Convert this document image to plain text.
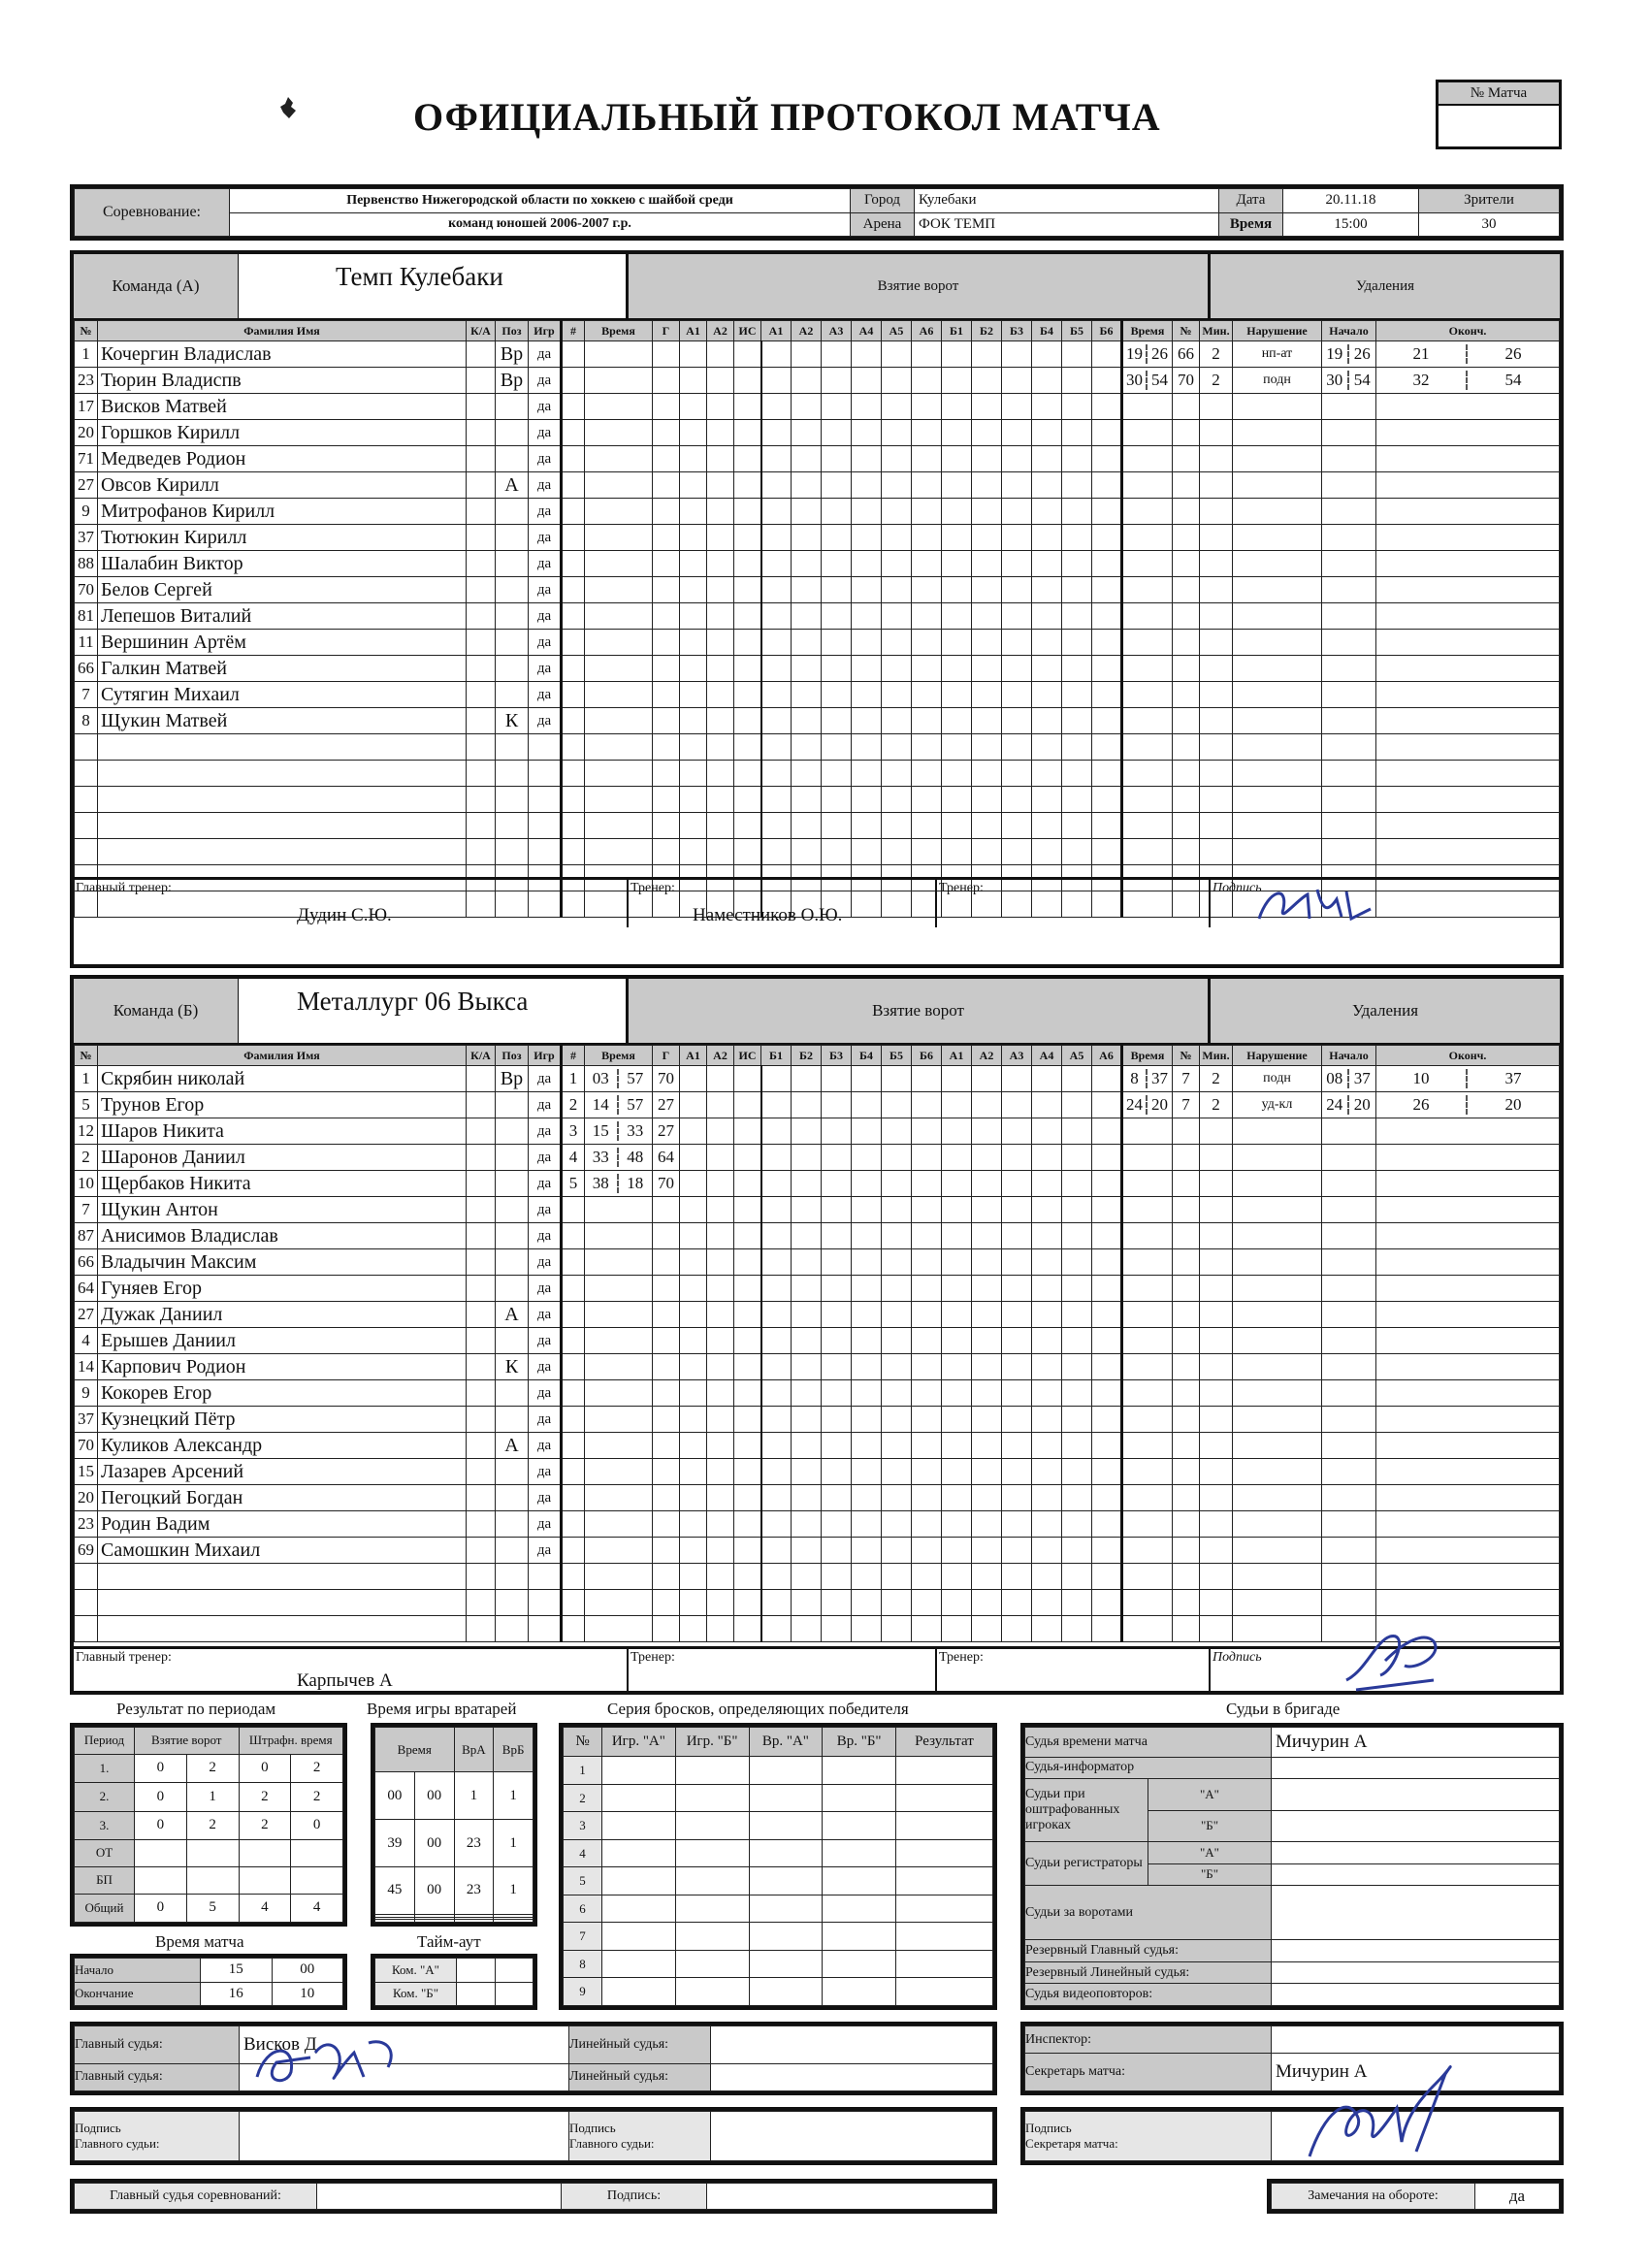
ОФИЦИАЛЬНЫЙ ПРОТОКОЛ МАТЧА
№ Матча
Соревнование:	Первенство Нижегородской области по хоккею с шайбой среди	Город	Кулебаки	Дата	20.11.18	Зрители
	команд юношей 2006-2007 г.р.	Арена	ФОК ТЕМП	Время	15:00	30
Команда (А)	Темп Кулебаки	Взятие ворот	Удаления
№	Фамилия Имя	К/А	Поз	Игр	#	Время	Г	А1	А2	ИС	А1	А2	А3	А4	А5	А6	Б1	Б2	Б3	Б4	Б5	Б6	Время	№	Мин.	Нарушение	Начало	Оконч.
1	Кочергин Владислав		Вр	да																			19 26	66	2	нп-ат	19 26	21 26
23	Тюрин Владиспв		Вр	да																			30 54	70	2	подн	30 54	32 54
17	Висков Матвей			да																								
20	Горшков Кирилл			да																								
71	Медведев Родион			да																								
27	Овсов Кирилл		А	да																								
9	Митрофанов Кирилл			да																								
37	Тютюкин Кирилл			да																								
88	Шалабин Виктор			да																								
70	Белов Сергей			да																								
81	Лепешов Виталий			да																								
11	Вершинин Артём			да																								
66	Галкин Матвей			да																								
7	Сутягин Михаил			да																								
8	Щукин Матвей		К	да																								

Главный тренер:
Дудин С.Ю.
Тренер:
Наместников О.Ю.
Тренер:	Подпись
Команда (Б)	Металлург 06 Выкса	Взятие ворот	Удаления
№	Фамилия Имя	К/А	Поз	Игр	#	Время	Г	А1	А2	ИС	Б1	Б2	Б3	Б4	Б5	Б6	А1	А2	А3	А4	А5	А6	Время	№	Мин.	Нарушение	Начало	Оконч.
1	Скрябин николай		Вр	да	1	03 57	70																8 37	7	2	подн	08 37	10 37
5	Трунов Егор			да	2	14 57	27																24 20	7	2	уд-кл	24 20	26 20
12	Шаров Никита			да	3	15 33	27																					
2	Шаронов Даниил			да	4	33 48	64																					
10	Щербаков Никита			да	5	38 18	70																					
7	Щукин Антон			да																								
87	Анисимов Владислав			да																								
66	Владычин Максим			да																								
64	Гуняев Егор			да																								
27	Дужак Даниил		А	да																								
4	Ерышев Даниил			да																								
14	Карпович Родион		К	да																								
9	Кокорев Егор			да																								
37	Кузнецкий Пётр			да																								
70	Куликов Александр		А	да																								
15	Лазарев Арсений			да																								
20	Пегоцкий Богдан			да																								
23	Родин Вадим			да																								
69	Самошкин Михаил			да																								

Главный тренер:
Карпычев А
Тренер:	Тренер:	Подпись
Результат по периодам
Период	Взятие ворот		Штрафн. время	
1.	0	2	0	2
2.	0	1	2	2
3.	0	2	2	0
ОТ				
БП				
Общий	0	5	4	4
Время игры вратарей
Время		ВрА	ВрБ
00	00	1	1
39	00	23	1
45	00	23	1

Время матча
Начало	15	00
Окончание	16	10
Тайм-аут
Ком. "А"		
Ком. "Б"		
Серия бросков, определяющих победителя
№	Игр. "А"	Игр. "Б"	Вр. "А"	Вр. "Б"	Результат
1					
2					
3					
4					
5					
6					
7					
8					
9					
Судьи в бригаде
Судья времени матча		Мичурин А
Судья-информатор		
Судьи при оштрафованных игроках	"А"	
	"Б"	
Судьи регистраторы	"А"	
	"Б"	
Судьи за воротами		
Резервный Главный судья:		
Резервный Линейный судья:		
Судья видеоповторов:		
Главный судья:	Висков Д	Линейный судья:	
Главный судья:		Линейный судья:	
Инспектор:	
Секретарь матча:	Мичурин А
Подпись
Главного судьи:		Подпись
Главного судьи:	
Подпись
Секретаря матча:	
Главный судья соревнований:		Подпись:		Замечания на обороте:	да
